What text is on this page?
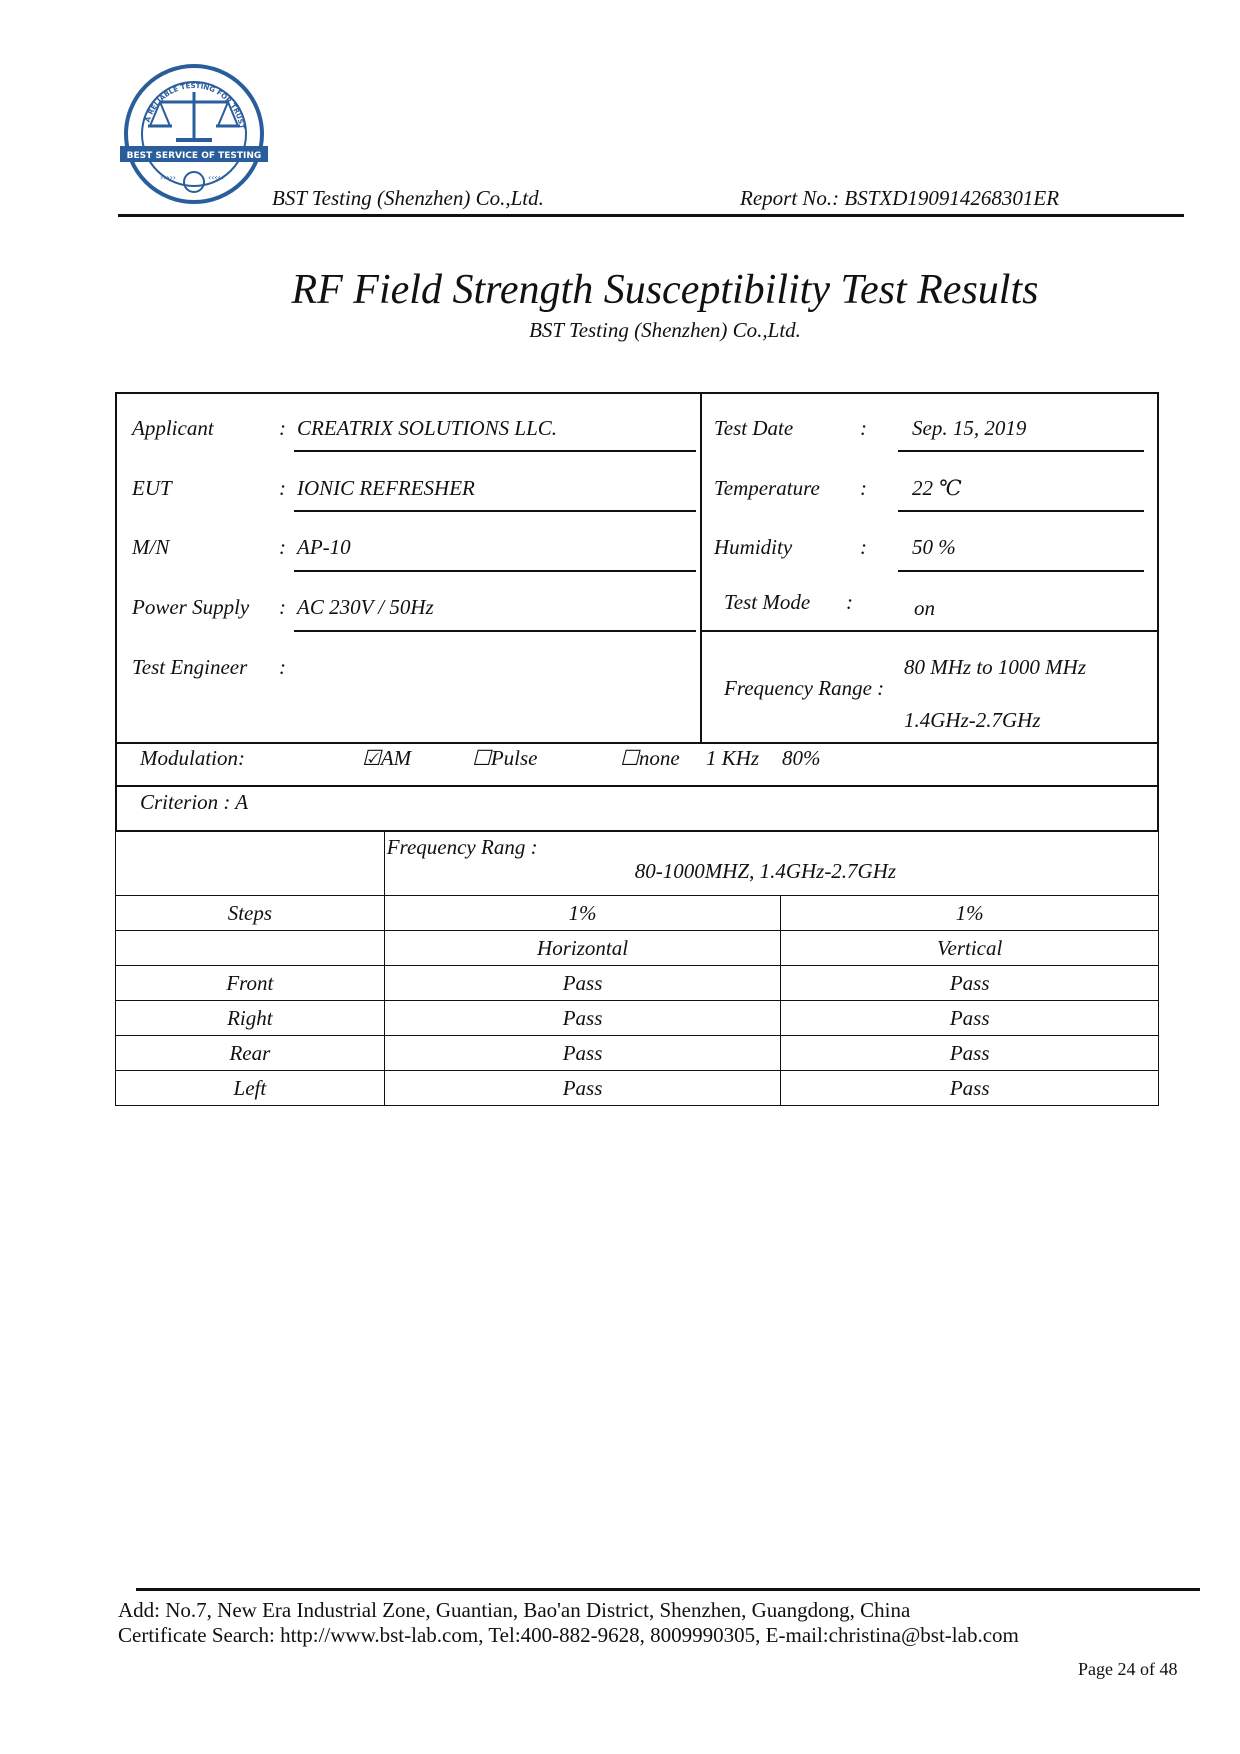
A RELIABLE TESTING FOR TRUST
BEST SERVICE OF TESTING
›››››	‹‹‹‹‹
BST Testing (Shenzhen) Co.,Ltd.	Report No.: BSTXD190914268301ER
RF Field Strength Susceptibility Test Results
BST Testing (Shenzhen) Co.,Ltd.
Applicant	: CREATRIX SOLUTIONS LLC.
EUT	: IONIC REFRESHER
M/N	: AP-10
Power Supply : AC 230V / 50Hz
Test Engineer :
Test Date	: Sep. 15, 2019
Temperature : 22 ℃
Humidity	: 50 %
Test Mode :	on
Frequency Range :
80 MHz to 1000 MHz
1.4GHz-2.7GHz
Modulation:	☑AM	☐Pulse	☐none 1 KHz 80%
Criterion : A

	Frequency Rang :
80-1000MHZ, 1.4GHz-2.7GHz	

Steps	1%	1%
	Horizontal	Vertical
Front	Pass	Pass
Right	Pass	Pass
Rear	Pass	Pass
Left	Pass	Pass
Add: No.7, New Era Industrial Zone, Guantian, Bao'an District, Shenzhen, Guangdong, China
Certificate Search: http://www.bst-lab.com, Tel:400-882-9628, 8009990305, E-mail:christina@bst-lab.com
Page 24 of 48
